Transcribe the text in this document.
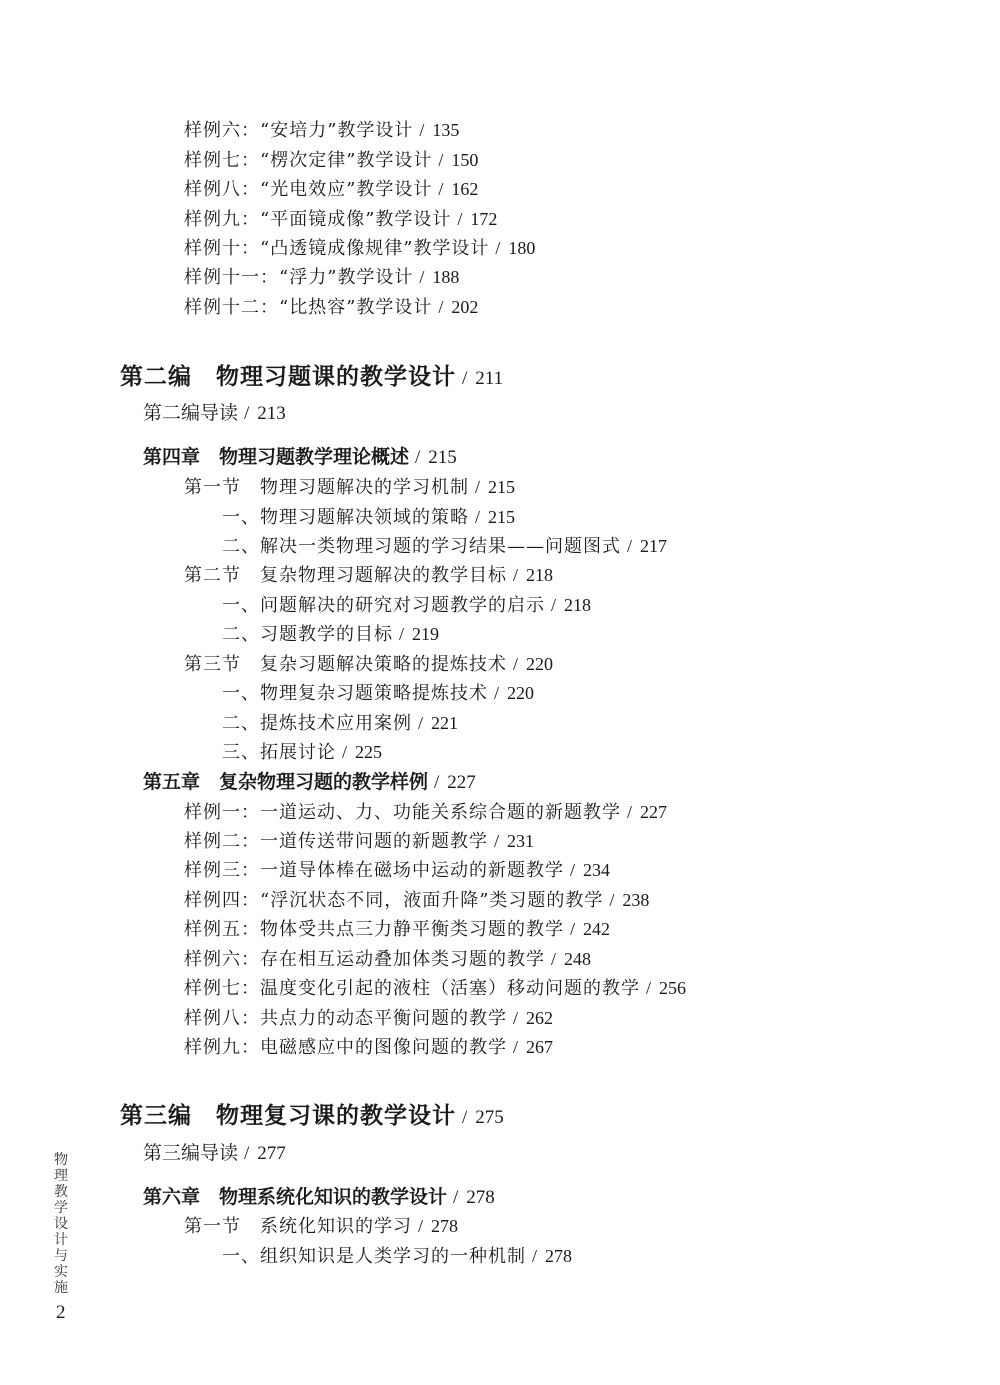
样例六：“安培力”教学设计 / 135
样例七：“楞次定律”教学设计 / 150
样例八：“光电效应”教学设计 / 162
样例九：“平面镜成像”教学设计 / 172
样例十：“凸透镜成像规律”教学设计 / 180
样例十一：“浮力”教学设计 / 188
样例十二：“比热容”教学设计 / 202
第二编　物理习题课的教学设计 / 211
第二编导读 / 213
第四章　物理习题教学理论概述 / 215
第一节　物理习题解决的学习机制 / 215
一、物理习题解决领域的策略 / 215
二、解决一类物理习题的学习结果——问题图式 / 217
第二节　复杂物理习题解决的教学目标 / 218
一、问题解决的研究对习题教学的启示 / 218
二、习题教学的目标 / 219
第三节　复杂习题解决策略的提炼技术 / 220
一、物理复杂习题策略提炼技术 / 220
二、提炼技术应用案例 / 221
三、拓展讨论 / 225
第五章　复杂物理习题的教学样例 / 227
样例一：一道运动、力、功能关系综合题的新题教学 / 227
样例二：一道传送带问题的新题教学 / 231
样例三：一道导体棒在磁场中运动的新题教学 / 234
样例四：“浮沉状态不同，液面升降”类习题的教学 / 238
样例五：物体受共点三力静平衡类习题的教学 / 242
样例六：存在相互运动叠加体类习题的教学 / 248
样例七：温度变化引起的液柱（活塞）移动问题的教学 / 256
样例八：共点力的动态平衡问题的教学 / 262
样例九：电磁感应中的图像问题的教学 / 267
第三编　物理复习课的教学设计 / 275
第三编导读 / 277
第六章　物理系统化知识的教学设计 / 278
第一节　系统化知识的学习 / 278
一、组织知识是人类学习的一种机制 / 278
物理教学设计与实施
2
